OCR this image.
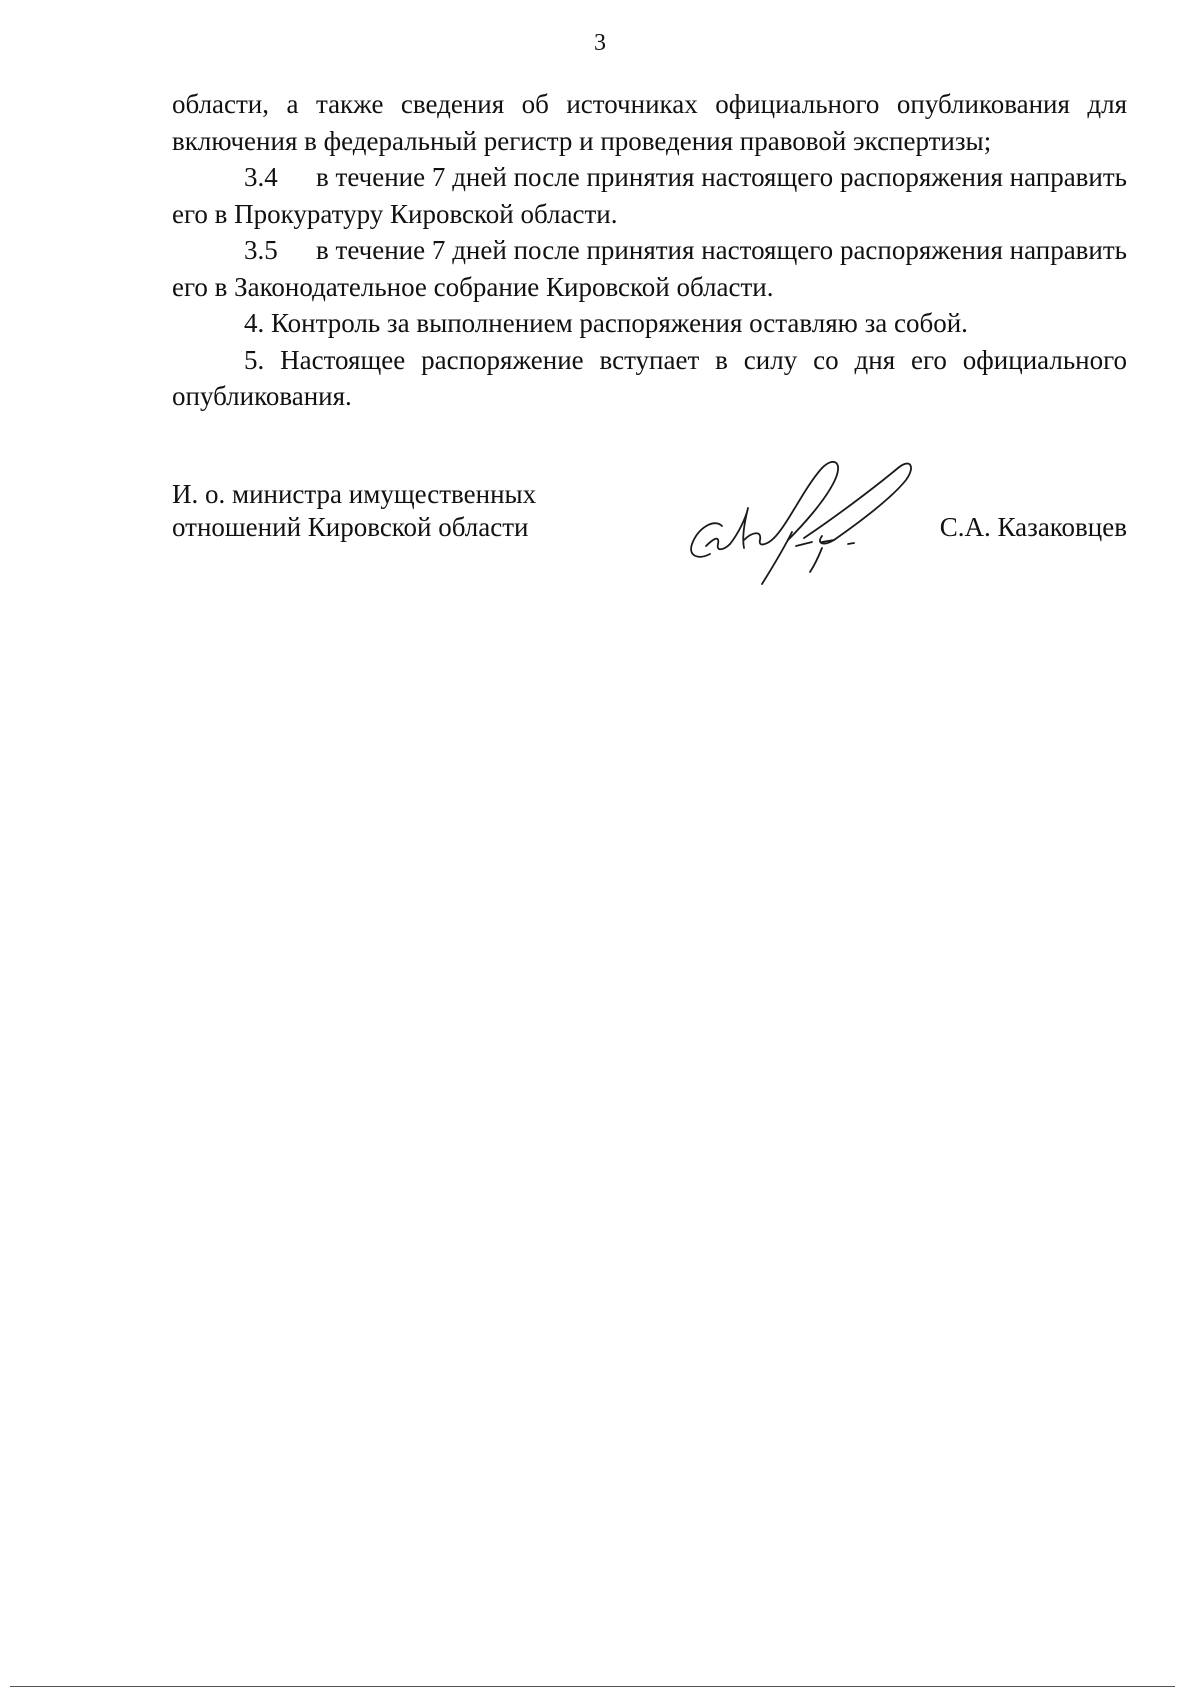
3

области, а также сведения об источниках официального опубликования для включения в федеральный регистр и проведения правовой экспертизы;

3.4 в течение 7 дней после принятия настоящего распоряжения направить его в Прокуратуру Кировской области.

3.5 в течение 7 дней после принятия настоящего распоряжения направить его в Законодательное собрание Кировской области.

4. Контроль за выполнением распоряжения оставляю за собой.

5. Настоящее распоряжение вступает в силу со дня его официального опубликования.

И. о. министра имущественных
отношений Кировской области	С.А. Казаковцев
